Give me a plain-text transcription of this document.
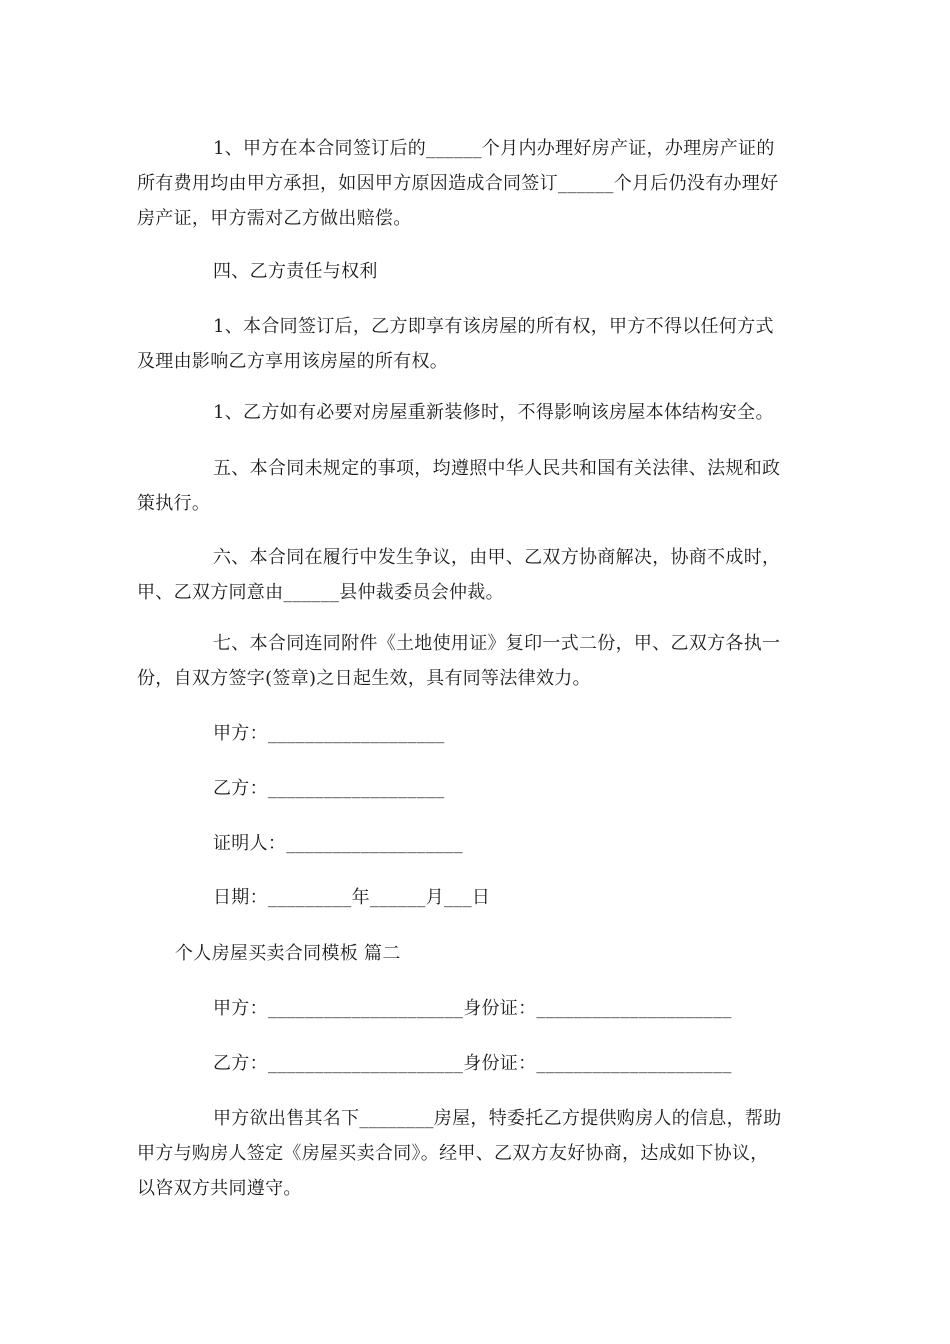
1、甲方在本合同签订后的______个月内办理好房产证，办理房产证的
所有费用均由甲方承担，如因甲方原因造成合同签订______个月后仍没有办理好
房产证，甲方需对乙方做出赔偿。
四、乙方责任与权利
1、本合同签订后，乙方即享有该房屋的所有权，甲方不得以任何方式
及理由影响乙方享用该房屋的所有权。
1、乙方如有必要对房屋重新装修时，不得影响该房屋本体结构安全。
五、本合同未规定的事项，均遵照中华人民共和国有关法律、法规和政
策执行。
六、本合同在履行中发生争议，由甲、乙双方协商解决，协商不成时，
甲、乙双方同意由______县仲裁委员会仲裁。
七、本合同连同附件《土地使用证》复印一式二份，甲、乙双方各执一
份，自双方签字(签章)之日起生效，具有同等法律效力。
甲方：___________________
乙方：___________________
证明人：___________________
日期：_________年______月___日
个人房屋买卖合同模板 篇二
甲方：_____________________身份证：_____________________
乙方：_____________________身份证：_____________________
甲方欲出售其名下________房屋，特委托乙方提供购房人的信息，帮助
甲方与购房人签定《房屋买卖合同》。经甲、乙双方友好协商，达成如下协议，
以咨双方共同遵守。
